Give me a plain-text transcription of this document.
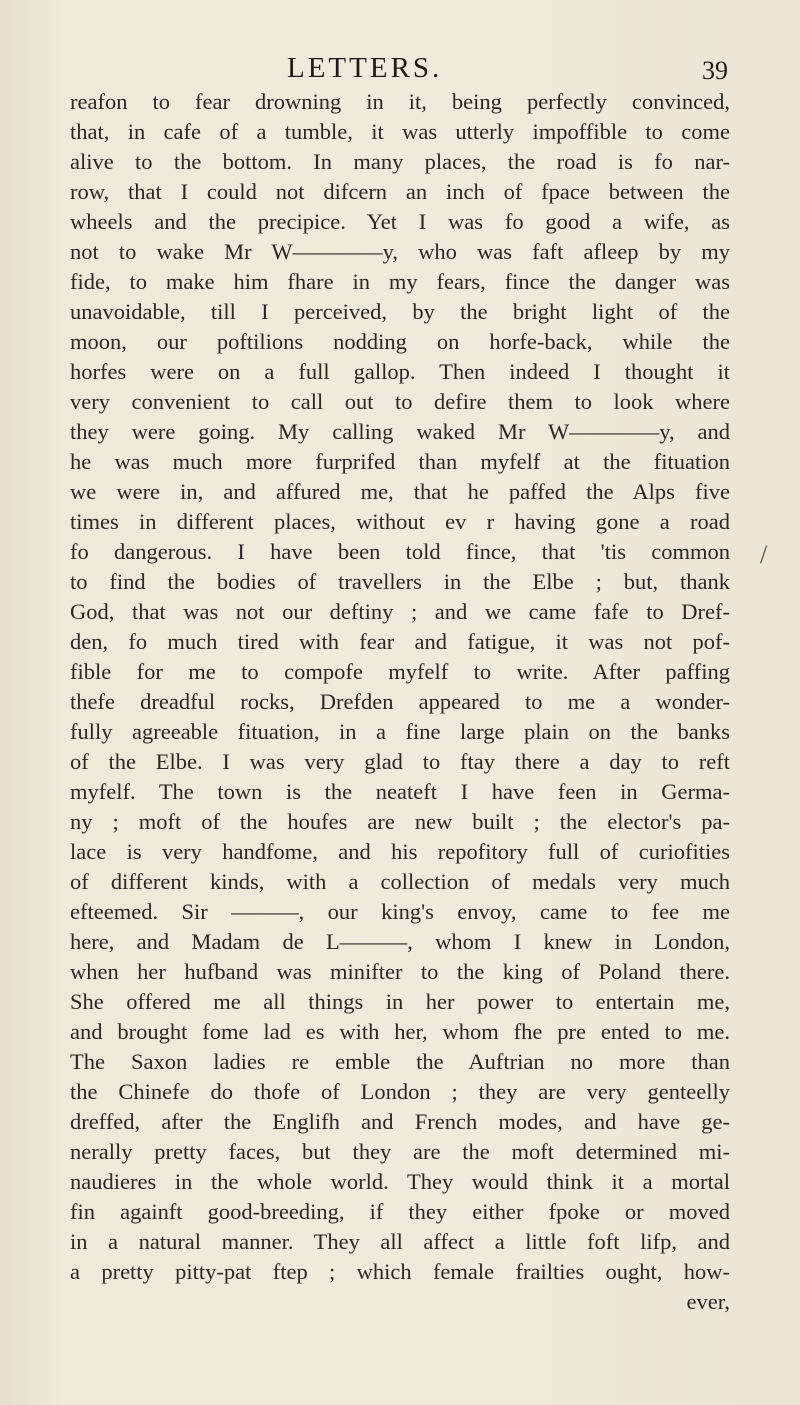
LETTERS.	39
/
reafon to fear drowning in it, being perfectly convinced,
that, in cafe of a tumble, it was utterly impoffible to come
alive to the bottom. In many places, the road is fo nar-
row, that I could not difcern an inch of fpace between the
wheels and the precipice. Yet I was fo good a wife, as
not to wake Mr W————y, who was faft afleep by my
fide, to make him fhare in my fears, fince the danger was
unavoidable, till I perceived, by the bright light of the
moon, our poftilions nodding on horfe-back, while the
horfes were on a full gallop. Then indeed I thought it
very convenient to call out to defire them to look where
they were going. My calling waked Mr W————y, and
he was much more furprifed than myfelf at the fituation
we were in, and affured me, that he paffed the Alps five
times in different places, without ev r having gone a road
fo dangerous. I have been told fince, that 'tis common
to find the bodies of travellers in the Elbe ; but, thank
God, that was not our deftiny ; and we came fafe to Dref-
den, fo much tired with fear and fatigue, it was not pof-
fible for me to compofe myfelf to write. After paffing
thefe dreadful rocks, Drefden appeared to me a wonder-
fully agreeable fituation, in a fine large plain on the banks
of the Elbe. I was very glad to ftay there a day to reft
myfelf. The town is the neateft I have feen in Germa-
ny ; moft of the houfes are new built ; the elector's pa-
lace is very handfome, and his repofitory full of curiofities
of different kinds, with a collection of medals very much
efteemed. Sir ———, our king's envoy, came to fee me
here, and Madam de L———, whom I knew in London,
when her hufband was minifter to the king of Poland there.
She offered me all things in her power to entertain me,
and brought fome lad es with her, whom fhe pre ented to me.
The Saxon ladies re emble the Auftrian no more than
the Chinefe do thofe of London ; they are very genteelly
dreffed, after the Englifh and French modes, and have ge-
nerally pretty faces, but they are the moft determined mi-
naudieres in the whole world. They would think it a mortal
fin againft good-breeding, if they either fpoke or moved
in a natural manner. They all affect a little foft lifp, and
a pretty pitty-pat ftep ; which female frailties ought, how-
ever,
